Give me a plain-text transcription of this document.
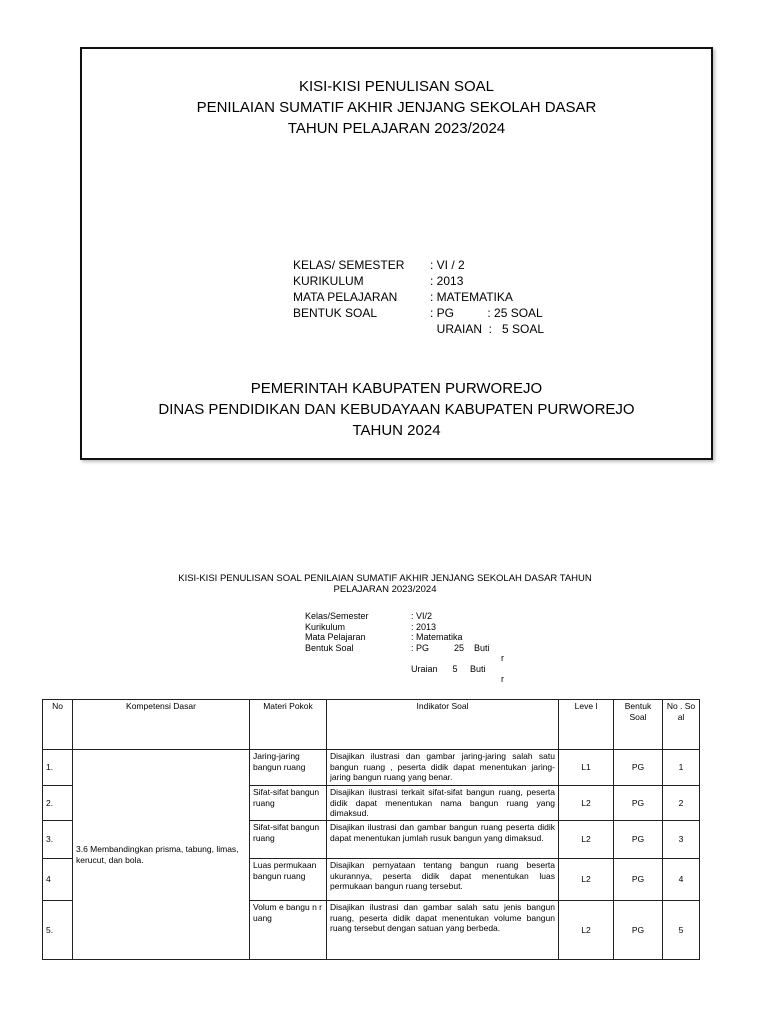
KISI-KISI PENULISAN SOAL
PENILAIAN SUMATIF AKHIR JENJANG SEKOLAH DASAR
TAHUN PELAJARAN 2023/2024
KELAS/ SEMESTER	: VI / 2
KURIKULUM	: 2013
MATA PELAJARAN	: MATEMATIKA
BENTUK SOAL	: PG          : 25 SOAL
URAIAN  :   5 SOAL
PEMERINTAH KABUPATEN PURWOREJO
DINAS PENDIDIKAN DAN KEBUDAYAAN KABUPATEN PURWOREJO
TAHUN 2024
KISI-KISI PENULISAN SOAL PENILAIAN SUMATIF AKHIR JENJANG SEKOLAH DASAR TAHUN PELAJARAN 2023/2024
Kelas/Semester	: VI/2
Kurikulum	: 2013
Mata Pelajaran	: Matematika
Bentuk Soal	: PG          25    Buti
r
Uraian      5     Buti
r
No	Kompetensi Dasar	Materi Pokok	Indikator Soal	Leve l	Bentuk Soal	No . So al
1.	3.6 Membandingkan prisma, tabung, limas, kerucut, dan bola.	Jaring-jaring bangun ruang	Disajikan ilustrasi dan gambar jaring-jaring salah satu bangun ruang , peserta didik dapat menentukan jaring-jaring bangun ruang yang benar.	L1	PG	1
2.		Sifat-sifat bangun ruang	Disajikan ilustrasi terkait sifat-sifat bangun ruang, peserta didik dapat menentukan nama bangun ruang yang dimaksud.	L2	PG	2
3.		Sifat-sifat bangun ruang	Disajikan ilustrasi dan gambar bangun ruang peserta didik dapat menentukan jumlah rusuk bangun yang dimaksud.	L2	PG	3
4		Luas permukaan bangun ruang	Disajikan pernyataan tentang bangun ruang beserta ukurannya, peserta didik dapat menentukan luas permukaan bangun ruang tersebut.	L2	PG	4
5.		Volum e bangu n ruang	Disajikan ilustrasi dan gambar salah satu jenis bangun ruang, peserta didik dapat menentukan volume bangun ruang tersebut dengan satuan yang berbeda.	L2	PG	5
